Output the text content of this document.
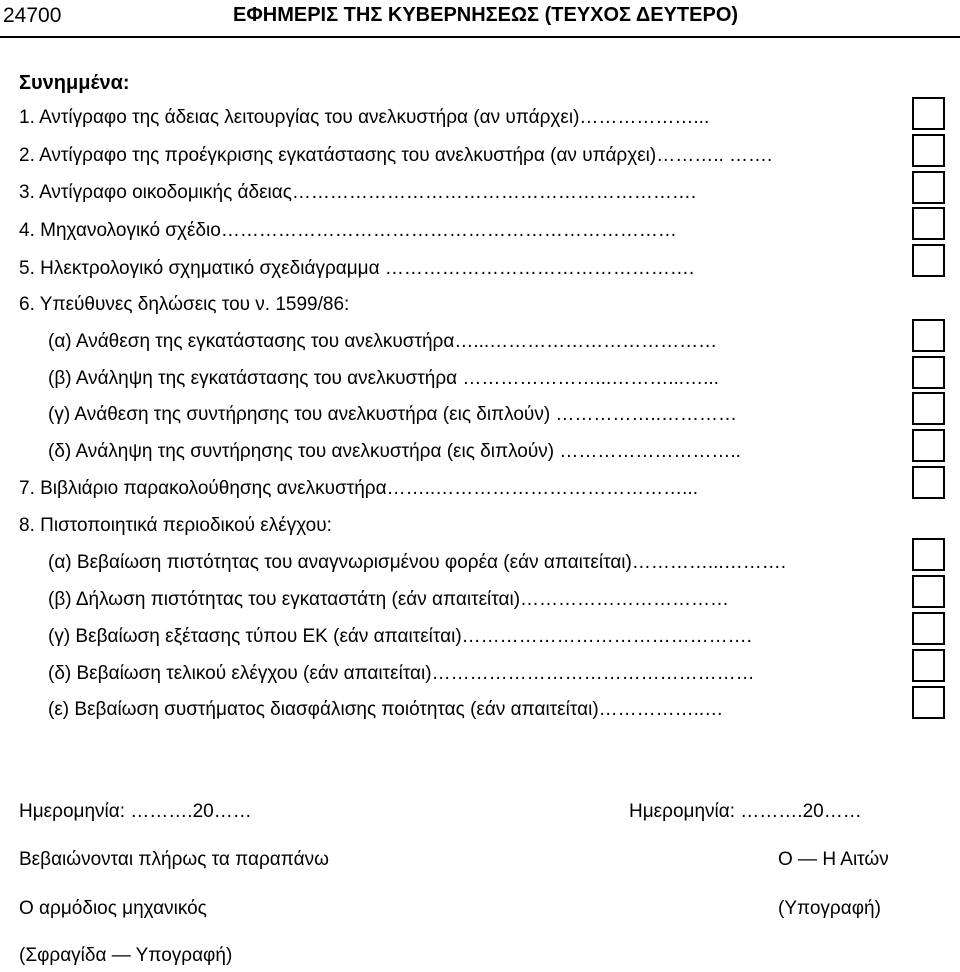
24700	ΕΦΗΜΕΡΙΣ ΤΗΣ ΚΥΒΕΡΝΗΣΕΩΣ (ΤΕΥΧΟΣ ΔΕΥΤΕΡΟ)
Συνημμένα:
1. Αντίγραφο της άδειας λειτουργίας του ανελκυστήρα (αν υπάρχει)………………...
2. Αντίγραφο της προέγκρισης εγκατάστασης του ανελκυστήρα (αν υπάρχει)……….. …….
3. Αντίγραφο οικοδομικής άδειας……………………………………………………….
4. Μηχανολογικό σχέδιο………………………………………………………………
5. Ηλεκτρολογικό σχηματικό σχεδιάγραμμα ………………………………………….
6. Υπεύθυνες δηλώσεις του ν. 1599/86:
(α) Ανάθεση της εγκατάστασης του ανελκυστήρα…...………………………………
(β) Ανάληψη της εγκατάστασης του ανελκυστήρα …………………...………...…...
(γ) Ανάθεση της συντήρησης του ανελκυστήρα (εις διπλούν) ……………..…………
(δ) Ανάληψη της συντήρησης του ανελκυστήρα (εις διπλούν) ………………………..
7. Βιβλιάριο παρακολούθησης ανελκυστήρα……..…………………………………...
8. Πιστοποιητικά περιοδικού ελέγχου:
(α) Βεβαίωση πιστότητας του αναγνωρισμένου φορέα (εάν απαιτείται)…………...……….
(β) Δήλωση πιστότητας του εγκαταστάτη (εάν απαιτείται)……………………………
(γ) Βεβαίωση εξέτασης τύπου ΕΚ (εάν απαιτείται)……………………………………….
(δ) Βεβαίωση τελικού ελέγχου (εάν απαιτείται)……………………………………………
(ε) Βεβαίωση συστήματος διασφάλισης ποιότητας (εάν απαιτείται)……………..…
Ημερομηνία: ……….20……	Ημερομηνία: ……….20……
Βεβαιώνονται πλήρως τα παραπάνω	Ο — Η Αιτών
Ο αρμόδιος μηχανικός	(Υπογραφή)
(Σφραγίδα — Υπογραφή)
